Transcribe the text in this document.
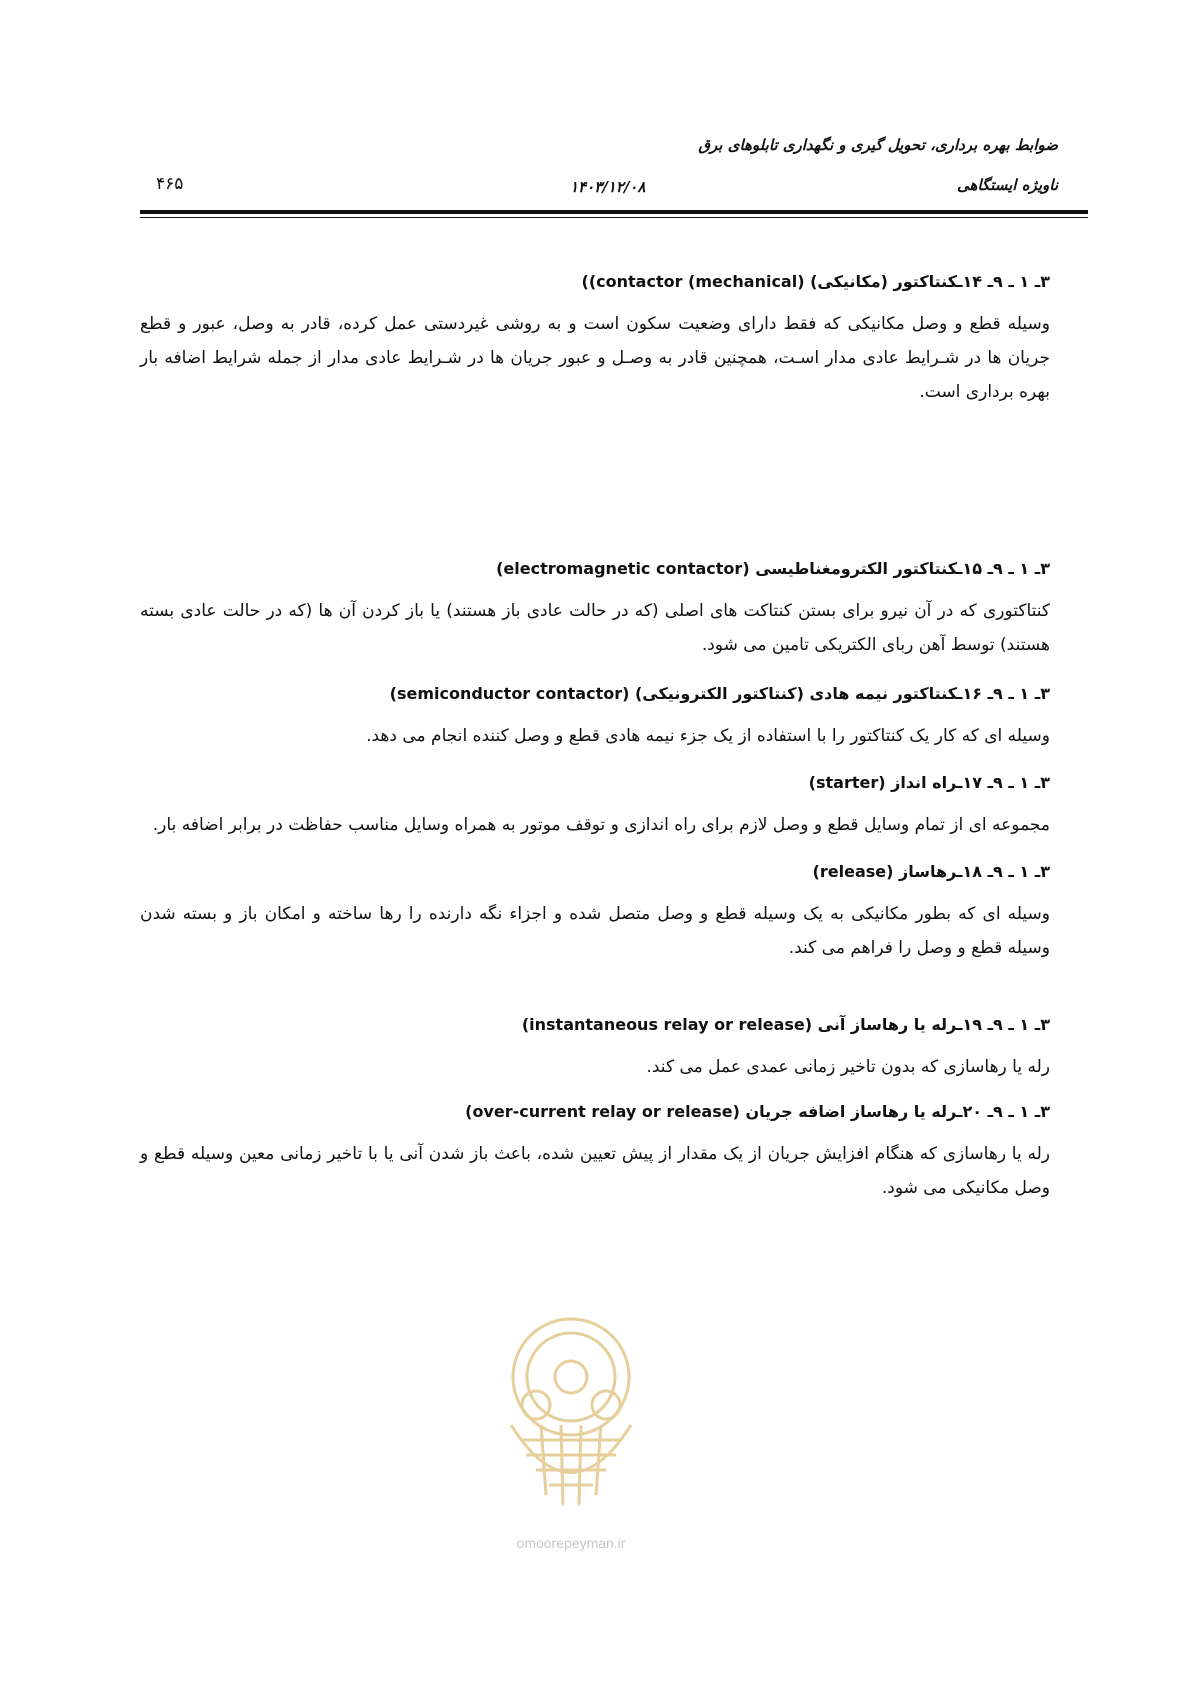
ضوابط بهره برداری، تحویل گیری و نگهداری تابلوهای برق
ناویژه ایستگاهی
۱۴۰۳/۱۲/۰۸
۴۶۵
۳ـ ۱ ـ ۹ـ ۱۴ـکنتاکتور (مکانیکی) (mechanical) contactor))

وسیله قطع و وصل مکانیکی که فقط دارای وضعیت سکون است و به روشی غیردستی عمل کرده، قادر به وصل، عبور و قطع جریان ها در شـرایط عادی مدار اسـت، همچنین قادر به وصـل و عبور جریان ها در شـرایط عادی مدار از جمله شرایط اضافه بار بهره برداری است.

۳ـ ۱ ـ ۹ـ ۱۵ـکنتاکتور الکترومغناطیسی (electromagnetic contactor)

کنتاکتوری که در آن نیرو برای بستن کنتاکت های اصلی (که در حالت عادی باز هستند) یا باز کردن آن ها (که در حالت عادی بسته هستند) توسط آهن ربای الکتریکی تامین می شود.

۳ـ ۱ ـ ۹ـ ۱۶ـکنتاکتور نیمه هادی (کنتاکتور الکترونیکی) (semiconductor contactor)

وسیله ای که کار یک کنتاکتور را با استفاده از یک جزء نیمه هادی قطع و وصل کننده انجام می دهد.

۳ـ ۱ ـ ۹ـ ۱۷ـراه انداز (starter)

مجموعه ای از تمام وسایل قطع و وصل لازم برای راه اندازی و توقف موتور به همراه وسایل مناسب حفاظت در برابر اضافه بار.

۳ـ ۱ ـ ۹ـ ۱۸ـرهاساز (release)

وسیله ای که بطور مکانیکی به یک وسیله قطع و وصل متصل شده و اجزاء نگه دارنده را رها ساخته و امکان باز و بسته شدن وسیله قطع و وصل را فراهم می کند.

۳ـ ۱ ـ ۹ـ ۱۹ـرله یا رهاساز آنی (instantaneous relay or release)

رله یا رهاسازی که بدون تاخیر زمانی عمدی عمل می کند.

۳ـ ۱ ـ ۹ـ ۲۰ـرله یا رهاساز اضافه جریان (over-current relay or release)

رله یا رهاسازی که هنگام افزایش جریان از یک مقدار از پیش تعیین شده، باعث باز شدن آنی یا با تاخیر زمانی معین وسیله قطع و وصل مکانیکی می شود.

omoorepeyman.ir
